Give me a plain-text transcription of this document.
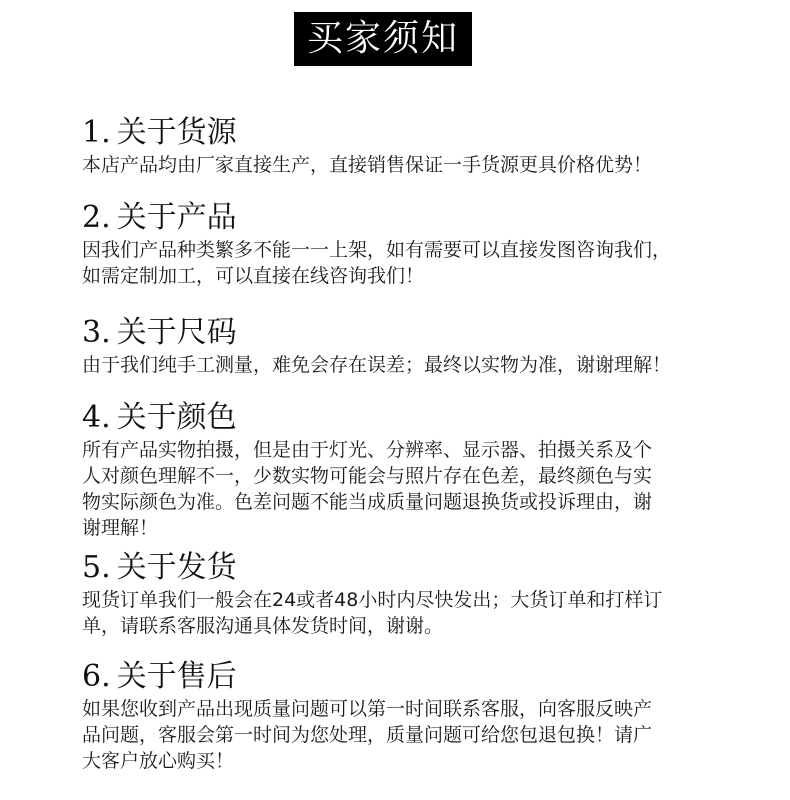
买家须知
1. 关于货源
本店产品均由厂家直接生产，直接销售保证一手货源更具价格优势！
2. 关于产品
因我们产品种类繁多不能一一上架，如有需要可以直接发图咨询我们，
如需定制加工，可以直接在线咨询我们！
3. 关于尺码
由于我们纯手工测量，难免会存在误差；最终以实物为准，谢谢理解！
4. 关于颜色
所有产品实物拍摄，但是由于灯光、分辨率、显示器、拍摄关系及个
人对颜色理解不一，少数实物可能会与照片存在色差，最终颜色与实
物实际颜色为准。色差问题不能当成质量问题退换货或投诉理由，谢
谢理解！
5. 关于发货
现货订单我们一般会在24或者48小时内尽快发出；大货订单和打样订
单，请联系客服沟通具体发货时间，谢谢。
6. 关于售后
如果您收到产品出现质量问题可以第一时间联系客服，向客服反映产
品问题，客服会第一时间为您处理，质量问题可给您包退包换！请广
大客户放心购买！
